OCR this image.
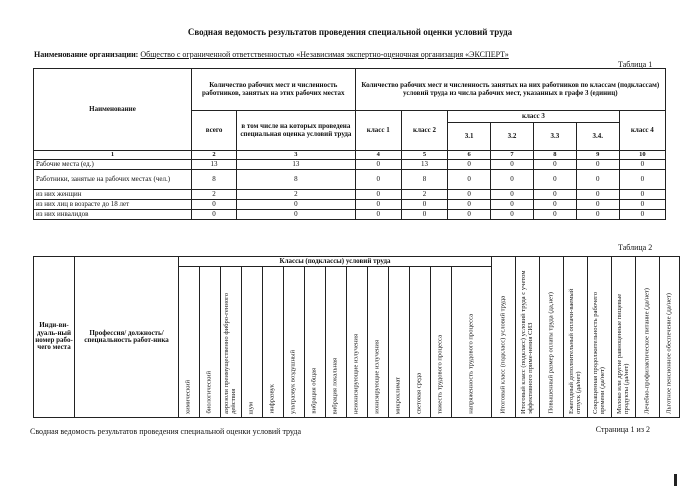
Сводная ведомость результатов проведения специальной оценки условий труда
Наименование организации: Общество с ограниченной ответственностью «Независимая экспертно-оценочная организация «ЭКСПЕРТ»
Таблица 1
Наименование	Количество рабочих мест и численность работников, занятых на этих рабочих местах		Количество рабочих мест и численность занятых на них работников по классам (подклассам) условий труда из числа рабочих мест, указанных в графе 3 (единиц)						
	всего	в том числе на которых проведена специальная оценка условий труда	класс 1	класс 2	класс 3				класс 4
					3.1	3.2	3.3	3.4.	
1	2	3	4	5	6	7	8	9	10
Рабочие места (ед.)	13	13	0	13	0	0	0	0	0
Работники, занятые на рабочих местах (чел.)	8	8	0	8	0	0	0	0	0
из них женщин	2	2	0	2	0	0	0	0	0
из них лиц в возрасте до 18 лет	0	0	0	0	0	0	0	0	0
из них инвалидов	0	0	0	0	0	0	0	0	0
Таблица 2
Инди-ви-дуаль-ный номер рабо-чего места	Профессия/ должность/ специальность работ-ника	Классы (подклассы) условий труда														Итоговый класс (подкласс) условий труда	Итоговый класс (подкласс) условий труда с учетом эффективного приме-нения СИЗ	Повышенный размер оплаты труда (да,нет)	Ежегодный дополнительный оплачи-ваемый отпуск (да/нет)	Сокращенная продолжительность рабочего времени (да/нет)	Молоко или другие равноценные пищевые продукты (да/нет)	Лечебно-профилактическое питание (да/нет)	Льготное пенсионное обеспечение (да/нет)

		химический	биологический	аэрозоли преимущественно фибро-генного действия	шум	инфразвук	ультразвук воздушный	вибрация общая	вибрация локальная	неионизирующие излучения	ионизирующие излучения	микроклимат	световая среда	тяжесть трудового процесса	напряженность трудового процесса								
Сводная ведомость результатов проведения специальной оценки условий труда	Страница 1 из 2
